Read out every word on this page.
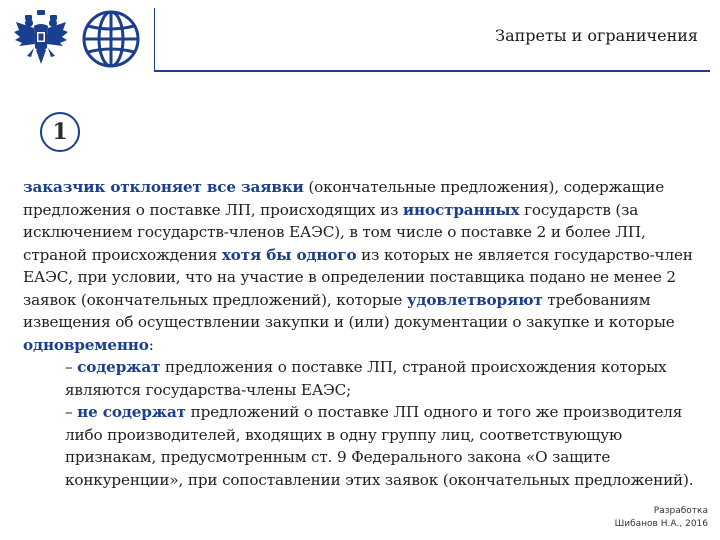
Запреты и ограничения
1

заказчик отклоняет все заявки (окончательные предложения), содержащие предложения о поставке ЛП, происходящих из иностранных государств (за исключением государств-членов ЕАЭС), в том числе о поставке 2 и более ЛП, страной происхождения хотя бы одного из которых не является государство-член ЕАЭС, при условии, что на участие в определении поставщика подано не менее 2 заявок (окончательных предложений), которые удовлетворяют требованиям извещения об осуществлении закупки и (или) документации о закупке и которые одновременно:

– содержат предложения о поставке ЛП, страной происхождения которых являются государства-члены ЕАЭС;

– не содержат предложений о поставке ЛП одного и того же производителя либо производителей, входящих в одну группу лиц, соответствующую признакам, предусмотренным ст. 9 Федерального закона «О защите конкуренции», при сопоставлении этих заявок (окончательных предложений).

Разработка
Шибанов Н.А., 2016
